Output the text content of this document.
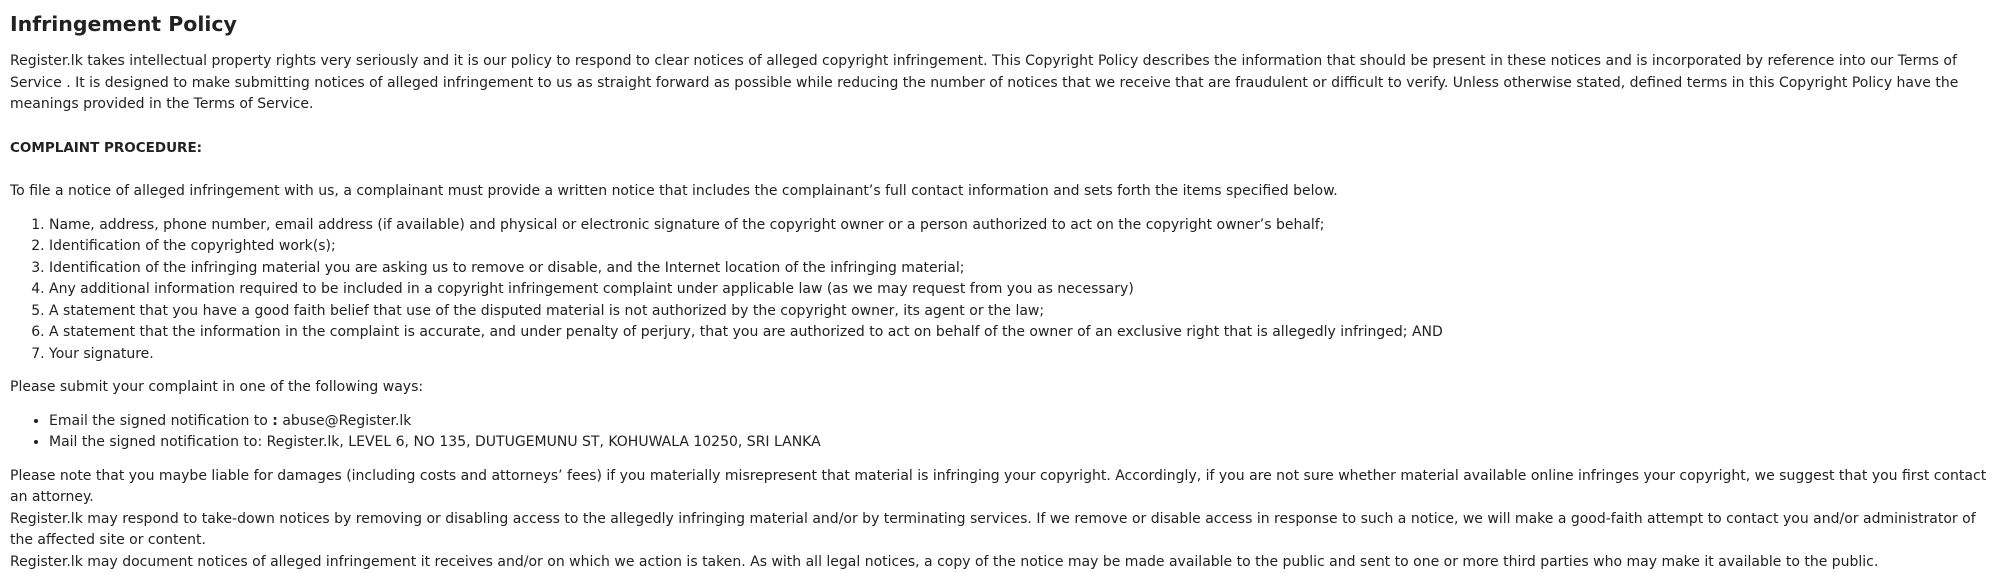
Infringement Policy

Register.lk takes intellectual property rights very seriously and it is our policy to respond to clear notices of alleged copyright infringement. This Copyright Policy describes the information that should be present in these notices and is incorporated by reference into our Terms of Service . It is designed to make submitting notices of alleged infringement to us as straight forward as possible while reducing the number of notices that we receive that are fraudulent or difficult to verify. Unless otherwise stated, defined terms in this Copyright Policy have the meanings provided in the Terms of Service.

COMPLAINT PROCEDURE:

To file a notice of alleged infringement with us, a complainant must provide a written notice that includes the complainant’s full contact information and sets forth the items specified below.

1. Name, address, phone number, email address (if available) and physical or electronic signature of the copyright owner or a person authorized to act on the copyright owner’s behalf;
2. Identification of the copyrighted work(s);
3. Identification of the infringing material you are asking us to remove or disable, and the Internet location of the infringing material;
4. Any additional information required to be included in a copyright infringement complaint under applicable law (as we may request from you as necessary)
5. A statement that you have a good faith belief that use of the disputed material is not authorized by the copyright owner, its agent or the law;
6. A statement that the information in the complaint is accurate, and under penalty of perjury, that you are authorized to act on behalf of the owner of an exclusive right that is allegedly infringed; AND
7. Your signature.

Please submit your complaint in one of the following ways:

• Email the signed notification to : abuse@Register.lk
• Mail the signed notification to: Register.lk, LEVEL 6, NO 135, DUTUGEMUNU ST, KOHUWALA 10250, SRI LANKA

Please note that you maybe liable for damages (including costs and attorneys’ fees) if you materially misrepresent that material is infringing your copyright. Accordingly, if you are not sure whether material available online infringes your copyright, we suggest that you first contact an attorney.

Register.lk may respond to take-down notices by removing or disabling access to the allegedly infringing material and/or by terminating services. If we remove or disable access in response to such a notice, we will make a good-faith attempt to contact you and/or administrator of the affected site or content.

Register.lk may document notices of alleged infringement it receives and/or on which we action is taken. As with all legal notices, a copy of the notice may be made available to the public and sent to one or more third parties who may make it available to the public.
